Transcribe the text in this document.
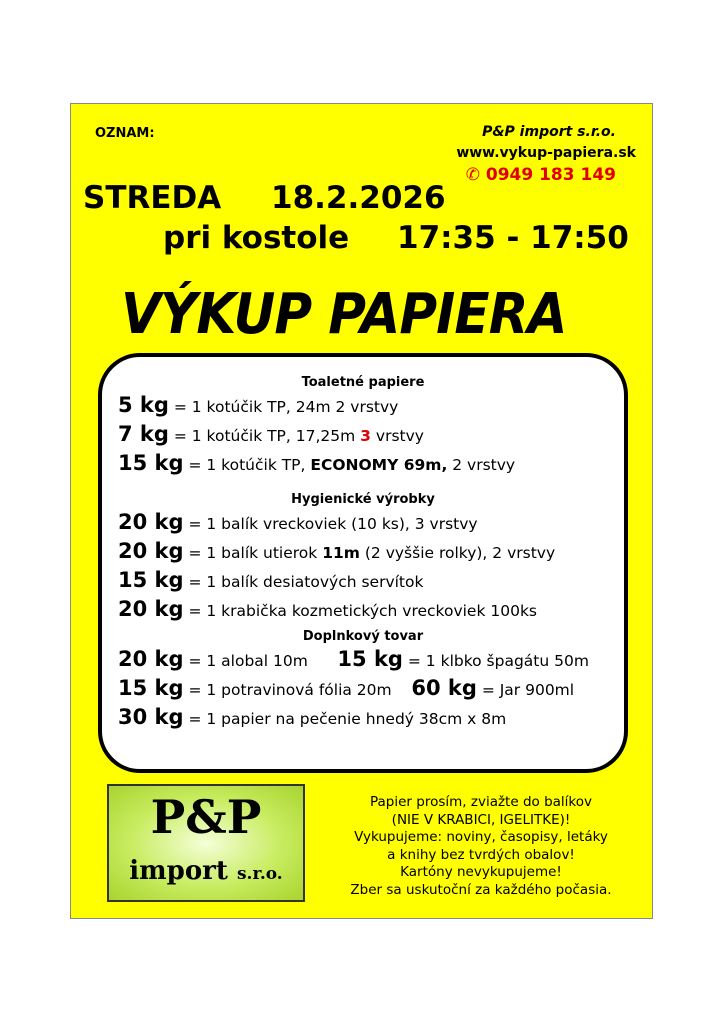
OZNAM:	P&P import s.r.o.
www.vykup-papiera.sk
✆ 0949 183 149
STREDA 18.2.2026
pri kostole 17:35 - 17:50
VÝKUP PAPIERA
Toaletné papiere
5 kg = 1 kotúčik TP, 24m 2 vrstvy
7 kg = 1 kotúčik TP, 17,25m 3 vrstvy
15 kg = 1 kotúčik TP, ECONOMY 69m, 2 vrstvy
Hygienické výrobky
20 kg = 1 balík vreckoviek (10 ks), 3 vrstvy
20 kg = 1 balík utierok 11m (2 vyššie rolky), 2 vrstvy
15 kg = 1 balík desiatových servítok
20 kg = 1 krabička kozmetických vreckoviek 100ks
Doplnkový tovar
20 kg = 1 alobal 10m      15 kg = 1 klbko špagátu 50m
15 kg = 1 potravinová fólia 20m    60 kg = Jar 900ml
30 kg = 1 papier na pečenie hnedý 38cm x 8m
P&P
import s.r.o.
Papier prosím, zviažte do balíkov
(NIE V KRABICI, IGELITKE)!
Vykupujeme: noviny, časopisy, letáky
a knihy bez tvrdých obalov!
Kartóny nevykupujeme!
Zber sa uskutoční za každého počasia.
